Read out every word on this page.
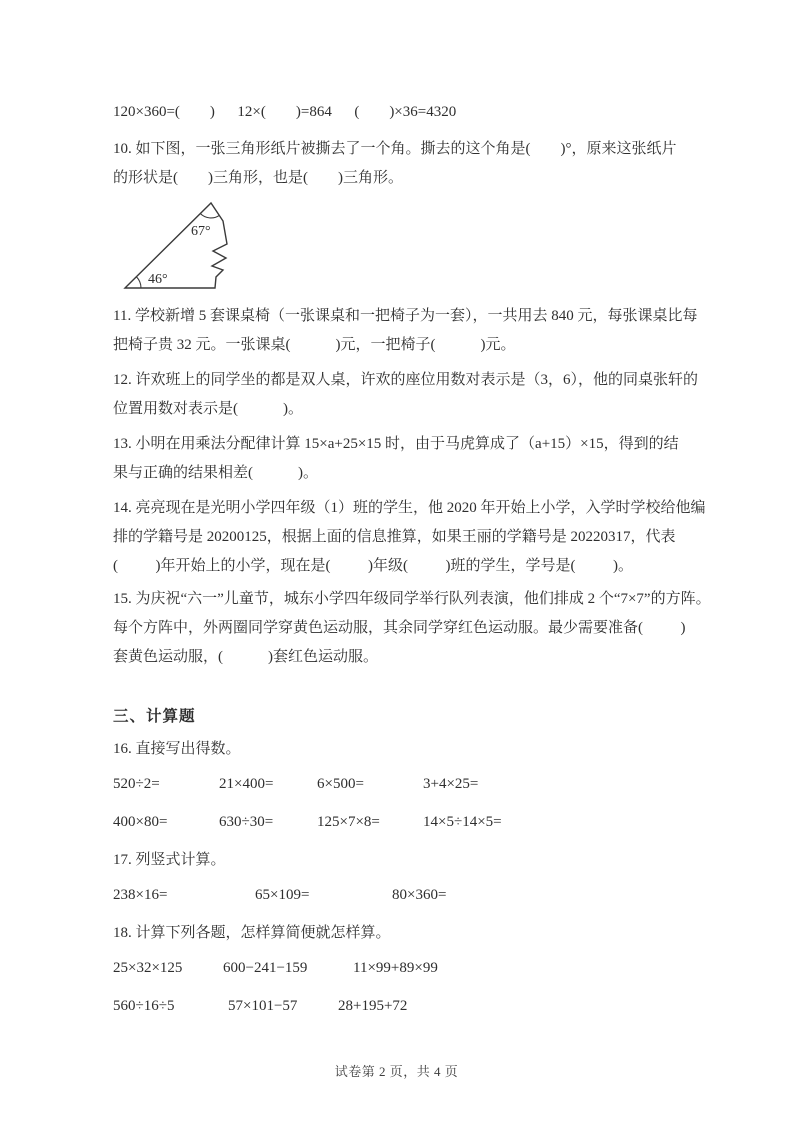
120×360=(        )      12×(        )=864      (        )×36=4320
10. 如下图，一张三角形纸片被撕去了一个角。撕去的这个角是(        )°，原来这张纸片
的形状是(        )三角形，也是(        )三角形。
67°
46°
11. 学校新增 5 套课桌椅（一张课桌和一把椅子为一套），一共用去 840 元，每张课桌比每
把椅子贵 32 元。一张课桌(            )元，一把椅子(            )元。
12. 许欢班上的同学坐的都是双人桌，许欢的座位用数对表示是（3，6），他的同桌张轩的
位置用数对表示是(            )。
13. 小明在用乘法分配律计算 15×a+25×15 时，由于马虎算成了（a+15）×15，得到的结
果与正确的结果相差(            )。
14. 亮亮现在是光明小学四年级（1）班的学生，他 2020 年开始上小学，入学时学校给他编
排的学籍号是 20200125，根据上面的信息推算，如果王丽的学籍号是 20220317，代表
(          )年开始上的小学，现在是(          )年级(          )班的学生，学号是(          )。
15. 为庆祝“六一”儿童节，城东小学四年级同学举行队列表演，他们排成 2 个“7×7”的方阵。
每个方阵中，外两圈同学穿黄色运动服，其余同学穿红色运动服。最少需要准备(          )
套黄色运动服，(            )套红色运动服。
三、计算题
16. 直接写出得数。
520÷2=	21×400=	6×500=	3+4×25=
400×80=	630÷30=	125×7×8=	14×5÷14×5=
17. 列竖式计算。
238×16=	65×109=	80×360=
18. 计算下列各题，怎样算简便就怎样算。
25×32×125	600−241−159	11×99+89×99
560÷16÷5	57×101−57	28+195+72
试卷第 2 页，共 4 页
